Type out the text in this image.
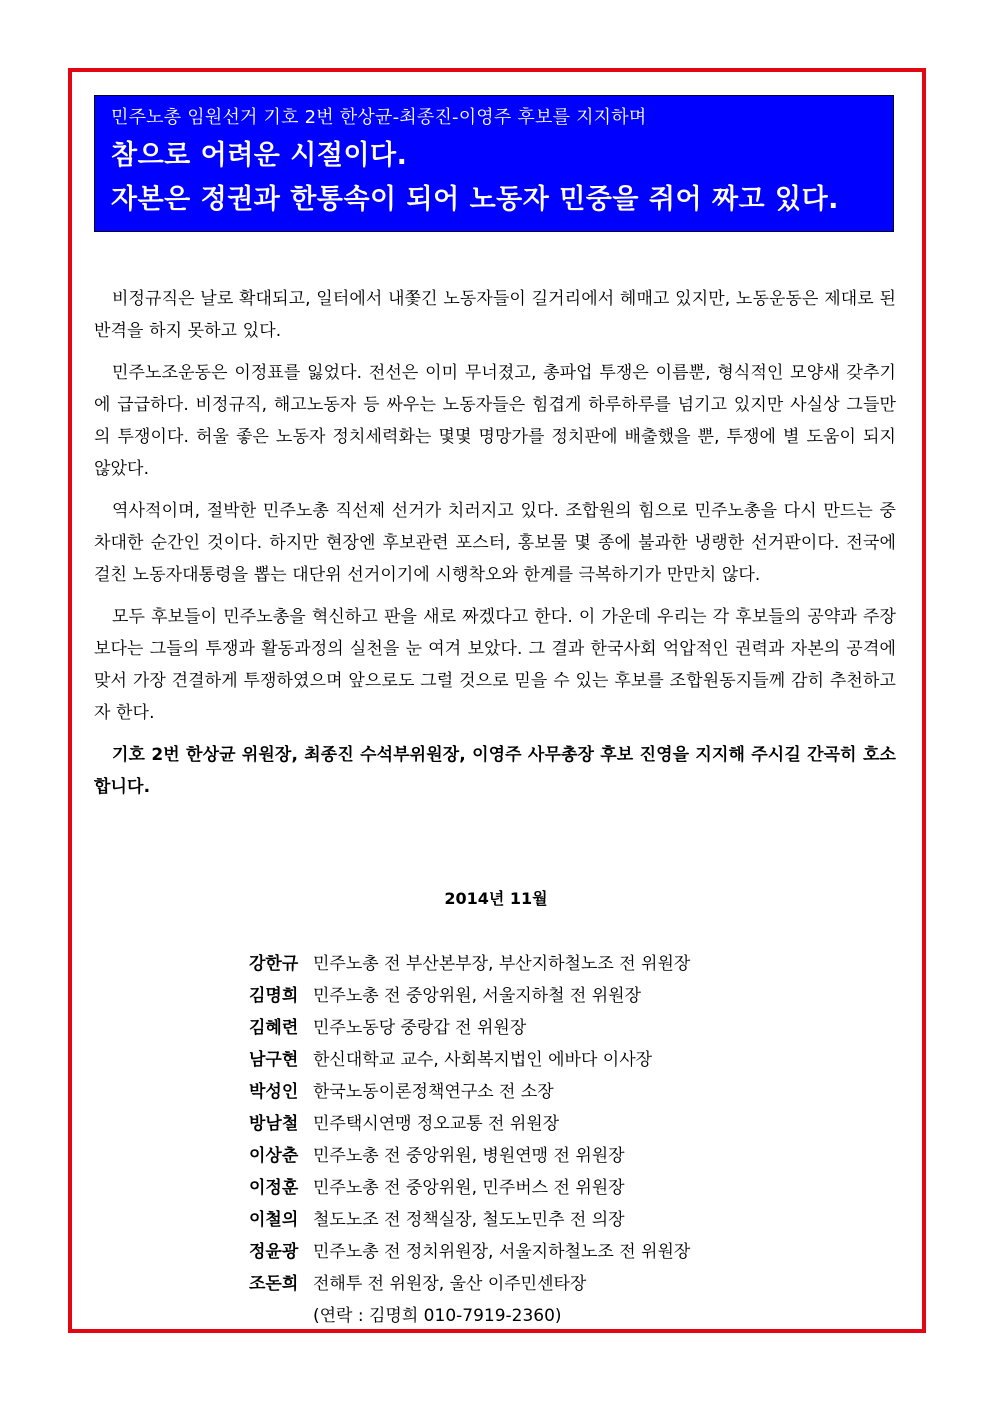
민주노총 임원선거 기호 2번 한상균-최종진-이영주 후보를 지지하며
참으로 어려운 시절이다.
자본은 정권과 한통속이 되어 노동자 민중을 쥐어 짜고 있다.

비정규직은 날로 확대되고, 일터에서 내쫓긴 노동자들이 길거리에서 헤매고 있지만, 노동운동은 제대로 된 반격을 하지 못하고 있다.

민주노조운동은 이정표를 잃었다. 전선은 이미 무너졌고, 총파업 투쟁은 이름뿐, 형식적인 모양새 갖추기에 급급하다. 비정규직, 해고노동자 등 싸우는 노동자들은 힘겹게 하루하루를 넘기고 있지만 사실상 그들만의 투쟁이다. 허울 좋은 노동자 정치세력화는 몇몇 명망가를 정치판에 배출했을 뿐, 투쟁에 별 도움이 되지 않았다.

역사적이며, 절박한 민주노총 직선제 선거가 치러지고 있다. 조합원의 힘으로 민주노총을 다시 만드는 중차대한 순간인 것이다. 하지만 현장엔 후보관련 포스터, 홍보물 몇 종에 불과한 냉랭한 선거판이다. 전국에 걸친 노동자대통령을 뽑는 대단위 선거이기에 시행착오와 한계를 극복하기가 만만치 않다.

모두 후보들이 민주노총을 혁신하고 판을 새로 짜겠다고 한다. 이 가운데 우리는 각 후보들의 공약과 주장보다는 그들의 투쟁과 활동과정의 실천을 눈 여겨 보았다. 그 결과 한국사회 억압적인 권력과 자본의 공격에 맞서 가장 견결하게 투쟁하였으며 앞으로도 그럴 것으로 믿을 수 있는 후보를 조합원동지들께 감히 추천하고자 한다.

기호 2번 한상균 위원장, 최종진 수석부위원장, 이영주 사무총장 후보 진영을 지지해 주시길 간곡히 호소합니다.

2014년 11월
강한규 민주노총 전 부산본부장, 부산지하철노조 전 위원장
김명희 민주노총 전 중앙위원, 서울지하철 전 위원장
김혜련 민주노동당 중랑갑 전 위원장
남구현 한신대학교 교수, 사회복지법인 에바다 이사장
박성인 한국노동이론정책연구소 전 소장
방남철 민주택시연맹 정오교통 전 위원장
이상춘 민주노총 전 중앙위원, 병원연맹 전 위원장
이정훈 민주노총 전 중앙위원, 민주버스 전 위원장
이철의 철도노조 전 정책실장, 철도노민추 전 의장
정윤광 민주노총 전 정치위원장, 서울지하철노조 전 위원장
조돈희 전해투 전 위원장, 울산 이주민센타장
(연락 : 김명희 010-7919-2360)
